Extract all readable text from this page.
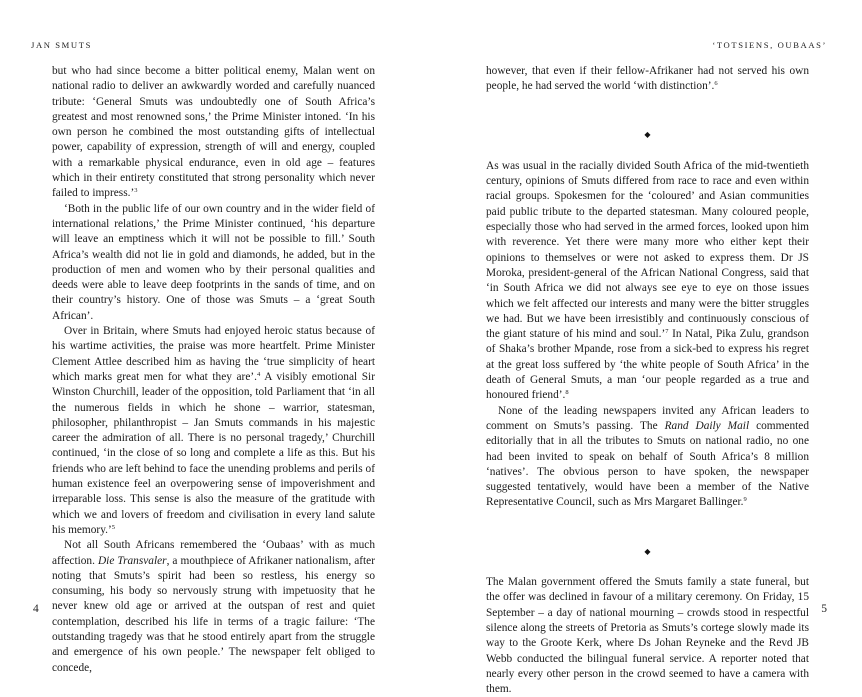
JAN SMUTS

but who had since become a bitter political enemy, Malan went on national radio to deliver an awkwardly worded and carefully nuanced tribute: ‘General Smuts was undoubtedly one of South Africa’s greatest and most renowned sons,’ the Prime Minister intoned. ‘In his own person he combined the most outstanding gifts of intellectual power, capability of expression, strength of will and energy, coupled with a remarkable physical endurance, even in old age – features which in their entirety constituted that strong personality which never failed to impress.’$^3$

‘Both in the public life of our own country and in the wider field of international relations,’ the Prime Minister continued, ‘his departure will leave an emptiness which it will not be possible to fill.’ South Africa’s wealth did not lie in gold and diamonds, he added, but in the production of men and women who by their personal qualities and deeds were able to leave deep footprints in the sands of time, and on their country’s history. One of those was Smuts – a ‘great South African’.

Over in Britain, where Smuts had enjoyed heroic status because of his wartime activities, the praise was more heartfelt. Prime Minister Clement Attlee described him as having the ‘true simplicity of heart which marks great men for what they are’.$^4$ A visibly emotional Sir Winston Churchill, leader of the opposition, told Parliament that ‘in all the numerous fields in which he shone – warrior, statesman, philosopher, philanthropist – Jan Smuts commands in his majestic career the admiration of all. There is no personal tragedy,’ Churchill continued, ‘in the close of so long and complete a life as this. But his friends who are left behind to face the unending problems and perils of human existence feel an overpowering sense of impoverishment and irreparable loss. This sense is also the measure of the gratitude with which we and lovers of freedom and civilisation in every land salute his memory.’$^5$

Not all South Africans remembered the ‘Oubaas’ with as much affection. Die Transvaler, a mouthpiece of Afrikaner nationalism, after noting that Smuts’s spirit had been so restless, his energy so consuming, his body so nervously strung with impetuosity that he never knew old age or arrived at the outspan of rest and quiet contemplation, described his life in terms of a tragic failure: ‘The outstanding tragedy was that he stood entirely apart from the struggle and emergence of his own people.’ The newspaper felt obliged to concede,

4
‘TOTSIENS, OUBAAS’

however, that even if their fellow-Afrikaner had not served his own people, he had served the world ‘with distinction’.$^6$

◆

As was usual in the racially divided South Africa of the mid-twentieth century, opinions of Smuts differed from race to race and even within racial groups. Spokesmen for the ‘coloured’ and Asian communities paid public tribute to the departed statesman. Many coloured people, especially those who had served in the armed forces, looked upon him with reverence. Yet there were many more who either kept their opinions to themselves or were not asked to express them. Dr JS Moroka, president-general of the African National Congress, said that ‘in South Africa we did not always see eye to eye on those issues which we felt affected our interests and many were the bitter struggles we had. But we have been irresistibly and continuously conscious of the giant stature of his mind and soul.’$^7$ In Natal, Pika Zulu, grandson of Shaka’s brother Mpande, rose from a sick-bed to express his regret at the great loss suffered by ‘the white people of South Africa’ in the death of General Smuts, a man ‘our people regarded as a true and honoured friend’.$^8$

None of the leading newspapers invited any African leaders to comment on Smuts’s passing. The Rand Daily Mail commented editorially that in all the tributes to Smuts on national radio, no one had been invited to speak on behalf of South Africa’s 8 million ‘natives’. The obvious person to have spoken, the newspaper suggested tentatively, would have been a member of the Native Representative Council, such as Mrs Margaret Ballinger.$^9$

◆

The Malan government offered the Smuts family a state funeral, but the offer was declined in favour of a military ceremony. On Friday, 15 September – a day of national mourning – crowds stood in respectful silence along the streets of Pretoria as Smuts’s cortege slowly made its way to the Groote Kerk, where Ds Johan Reyneke and the Revd JB Webb conducted the bilingual funeral service. A reporter noted that nearly every other person in the crowd seemed to have a camera with them.

5
